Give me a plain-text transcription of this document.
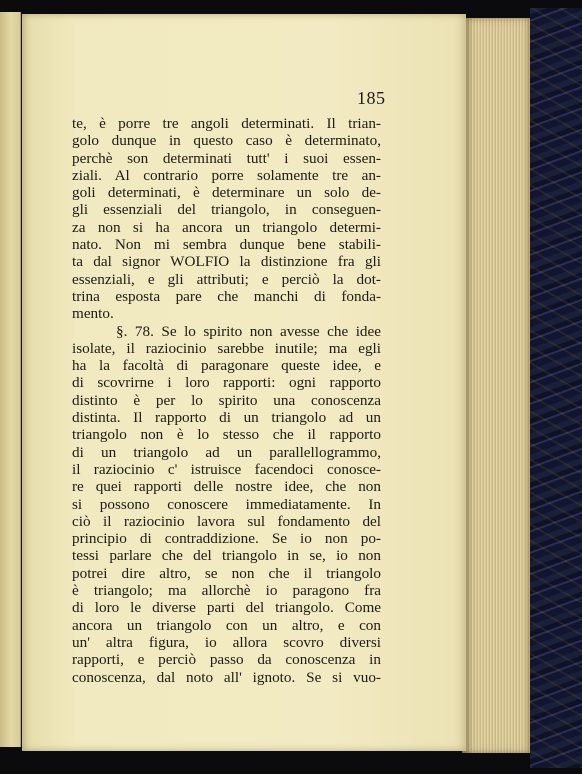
185
te, è porre tre angoli determinati. Il trian-
golo dunque in questo caso è determinato,
perchè son determinati tutt' i suoi essen-
ziali. Al contrario porre solamente tre an-
goli determinati, è determinare un solo de-
gli essenziali del triangolo, in conseguen-
za non si ha ancora un triangolo determi-
nato. Non mi sembra dunque bene stabili-
ta dal signor WOLFIO la distinzione fra gli
essenziali, e gli attributi; e perciò la dot-
trina esposta pare che manchi di fonda-
mento.
§. 78. Se lo spirito non avesse che idee
isolate, il raziocinio sarebbe inutile; ma egli
ha la facoltà di paragonare queste idee, e
di scovrirne i loro rapporti: ogni rapporto
distinto è per lo spirito una conoscenza
distinta. Il rapporto di un triangolo ad un
triangolo non è lo stesso che il rapporto
di un triangolo ad un parallellogrammo,
il raziocinio c' istruisce facendoci conosce-
re quei rapporti delle nostre idee, che non
si possono conoscere immediatamente. In
ciò il raziocinio lavora sul fondamento del
principio di contraddizione. Se io non po-
tessi parlare che del triangolo in se, io non
potrei dire altro, se non che il triangolo
è triangolo; ma allorchè io paragono fra
di loro le diverse parti del triangolo. Come
ancora un triangolo con un altro, e con
un' altra figura, io allora scovro diversi
rapporti, e perciò passo da conoscenza in
conoscenza, dal noto all' ignoto. Se si vuo-
